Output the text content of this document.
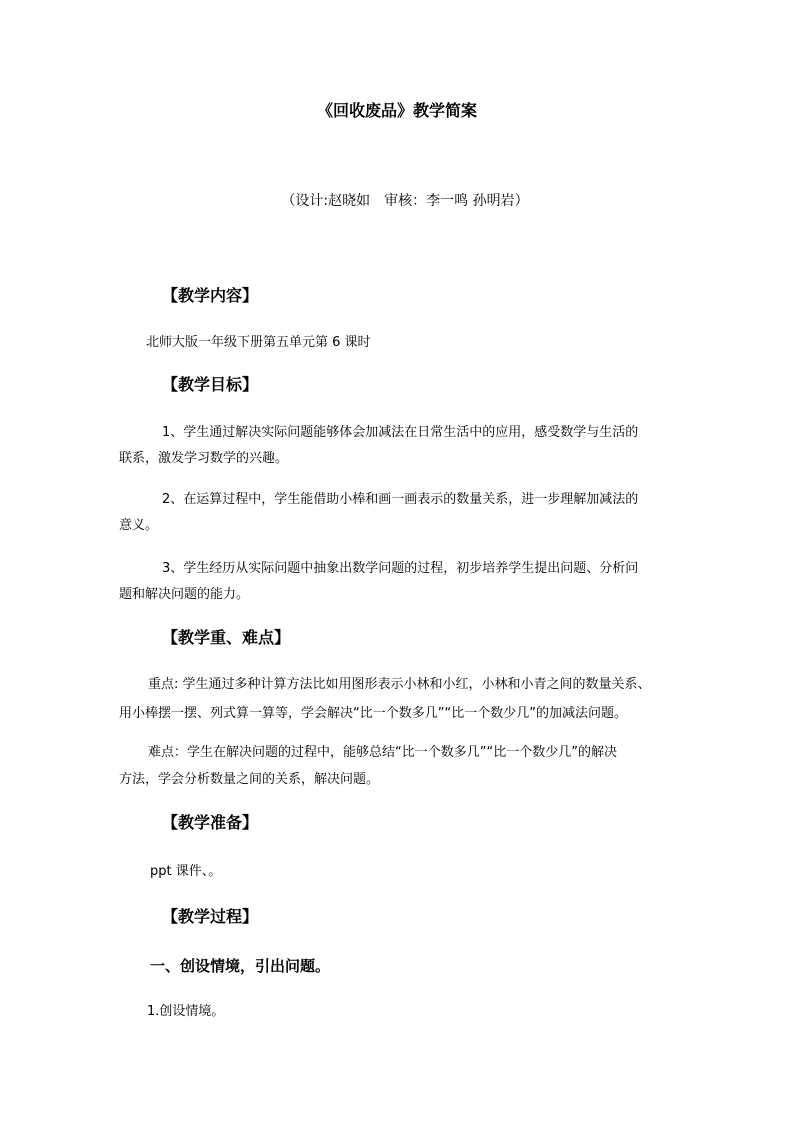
《回收废品》教学简案
（设计:赵晓如　审核：李一鸣 孙明岩）
【教学内容】
北师大版一年级下册第五单元第 6 课时
【教学目标】
1、学生通过解决实际问题能够体会加减法在日常生活中的应用，感受数学与生活的
联系，激发学习数学的兴趣。
2、在运算过程中，学生能借助小棒和画一画表示的数量关系，进一步理解加减法的
意义。
3、学生经历从实际问题中抽象出数学问题的过程，初步培养学生提出问题、分析问
题和解决问题的能力。
【教学重、难点】
重点: 学生通过多种计算方法比如用图形表示小林和小红，小林和小青之间的数量关系、
用小棒摆一摆、列式算一算等，学会解决“比一个数多几”“比一个数少几”的加减法问题。
难点：学生在解决问题的过程中，能够总结“比一个数多几”“比一个数少几”的解决
方法，学会分析数量之间的关系，解决问题。
【教学准备】
ppt 课件、。
【教学过程】
一、创设情境，引出问题。
1.创设情境。
